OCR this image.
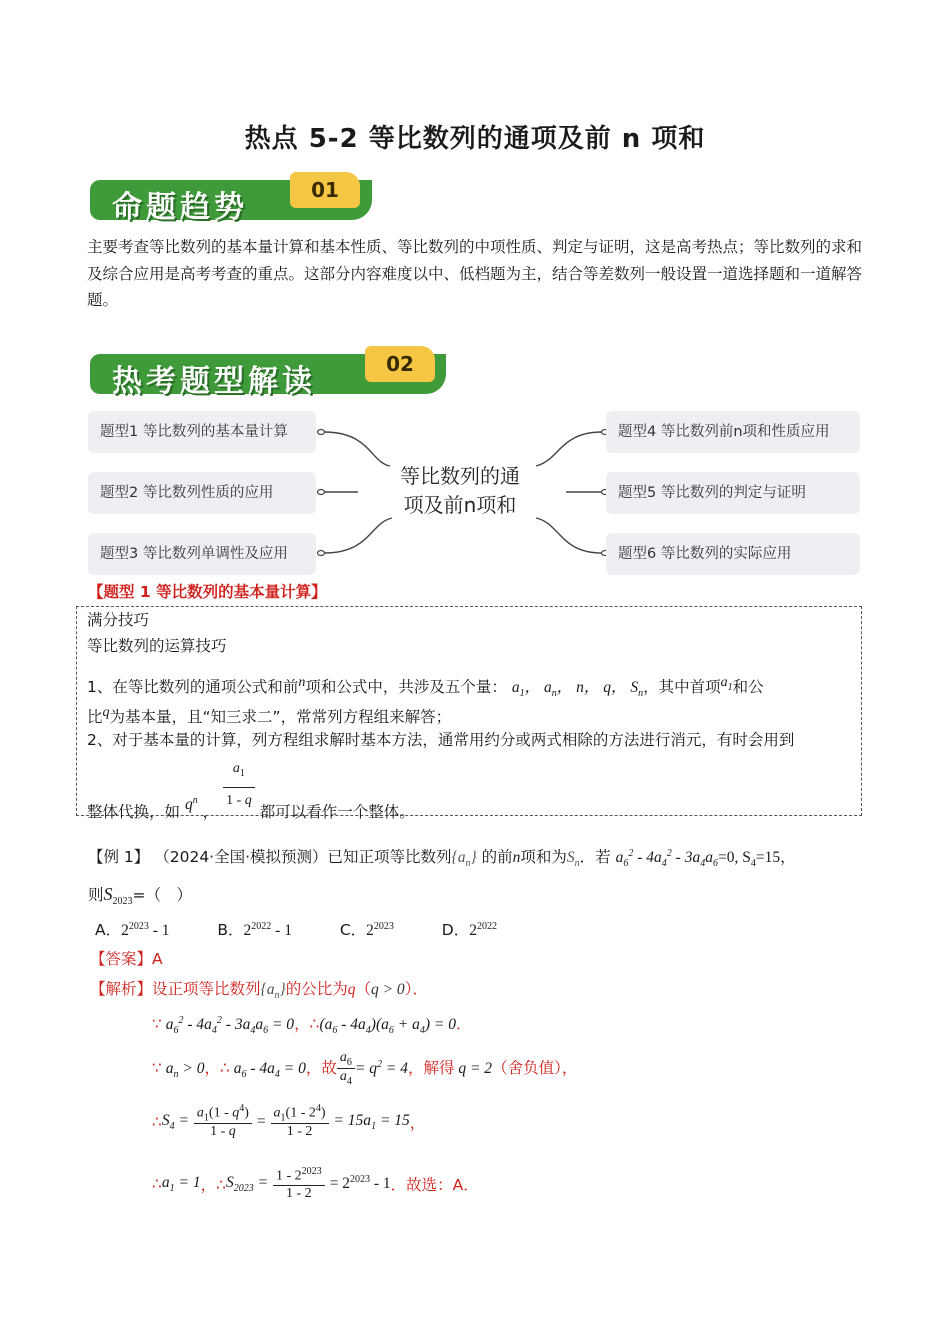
热点 5-2 等比数列的通项及前 n 项和
命题趋势	01
主要考查等比数列的基本量计算和基本性质、等比数列的中项性质、判定与证明，这是高考热点；等比数列的求和及综合应用是高考考查的重点。这部分内容难度以中、低档题为主，结合等差数列一般设置一道选择题和一道解答题。
热考题型解读	02
题型1 等比数列的基本量计算
题型2 等比数列性质的应用
题型3 等比数列单调性及应用
题型4 等比数列前n项和性质应用
题型5 等比数列的判定与证明
题型6 等比数列的实际应用
等比数列的通
项及前n项和
【题型 1 等比数列的基本量计算】
满分技巧
等比数列的运算技巧
1、在等比数列的通项公式和前$^n$项和公式中，共涉及五个量： $a_1$， $a_n$， n， q， $S_n$，其中首项$^{a_1}$和公
比$^q$为基本量，且“知三求二”，常常列方程组来解答；
2、对于基本量的计算，列方程组求解时基本方法，通常用约分或两式相除的方法进行消元，有时会用到
整体代换，如 $q^n$ ， $\frac{a_1}{1 - q}$ 都可以看作一个整体。
【例 1】 （2024·全国·模拟预测）已知正项等比数列$\{a_n\}$ 的前n项和为$S_n$．若 $a_6^2 - 4a_4^2 - 3a_4a_6=0$, $S_4=15$，
则$S_{2023}=$（　）
A．$2^{2023} - 1$	B．$2^{2022} - 1$	C．$2^{2023}$	D．$2^{2022}$
【答案】A
【解析】设正项等比数列$\{a_n\}$的公比为q（q > 0）．
∵ $a_6^2 - 4a_4^2 - 3a_4a_6 = 0$，$\therefore(a_6 - 4a_4)(a_6 + a_4) = 0$．
∵ $a_n > 0$，∴ $a_6 - 4a_4 = 0$，故 $\frac{a_6}{a_4} = q^2 = 4$，解得 q = 2（舍负值），
$\therefore S_4 = \frac{a_1(1 - q^4)}{1 - q} = \frac{a_1(1 - 2^4)}{1 - 2} = 15a_1 = 15$，
$\therefore a_1 = 1$，$\therefore S_{2023} = \frac{1 - 2^{2023}}{1 - 2} = 2^{2023} - 1$．故选：A．
